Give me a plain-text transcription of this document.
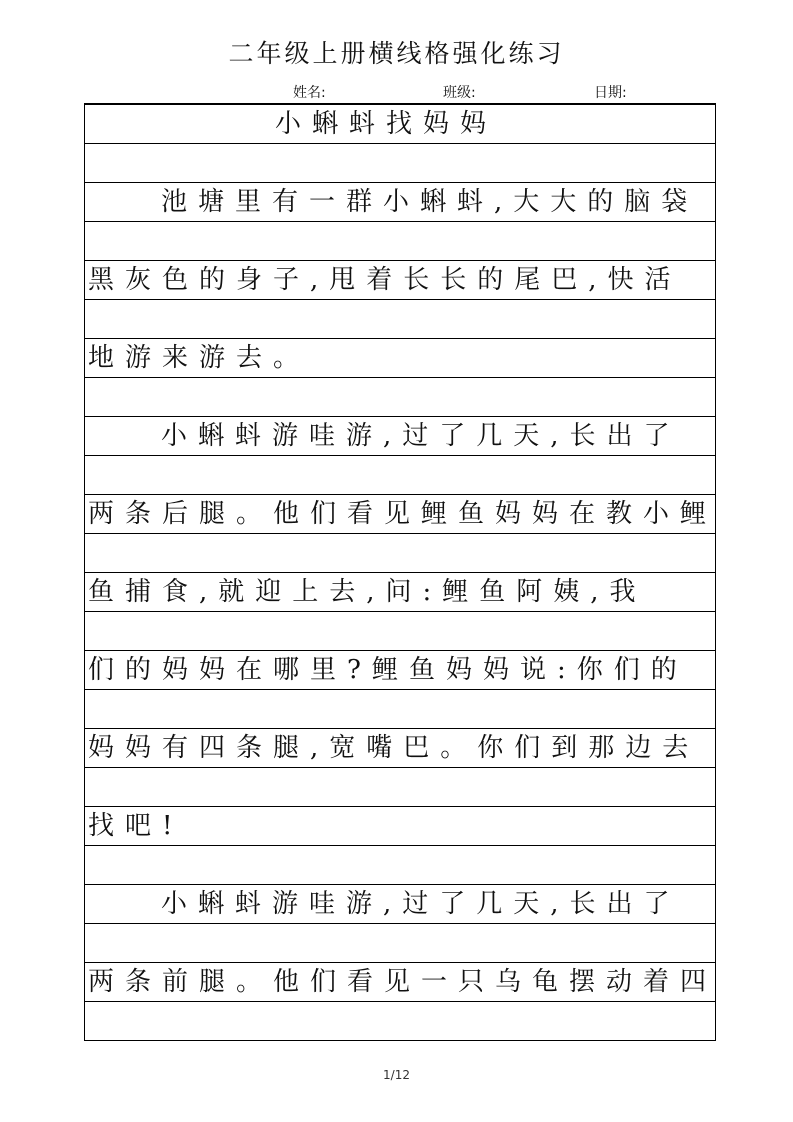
二年级上册横线格强化练习
姓名:	班级:	日期:
小蝌蚪找妈妈
池塘里有一群小蝌蚪,大大的脑袋
黑灰色的身子,甩着长长的尾巴,快活
地游来游去。
小蝌蚪游哇游,过了几天,长出了
两条后腿。他们看见鲤鱼妈妈在教小鲤
鱼捕食,就迎上去,问:鲤鱼阿姨,我
们的妈妈在哪里?鲤鱼妈妈说:你们的
妈妈有四条腿,宽嘴巴。你们到那边去
找吧!
小蝌蚪游哇游,过了几天,长出了
两条前腿。他们看见一只乌龟摆动着四
1/12
